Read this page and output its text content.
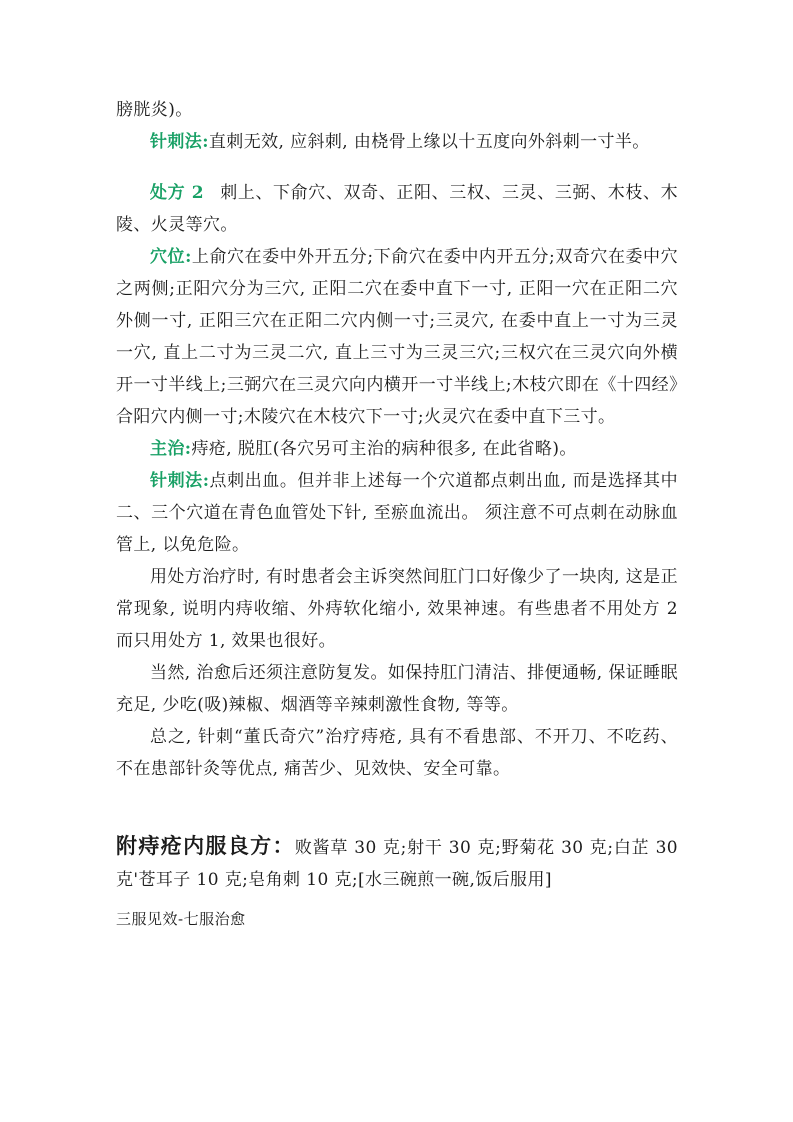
膀胱炎)。

针刺法:直刺无效, 应斜刺, 由桡骨上缘以十五度向外斜刺一寸半。

处方 2 刺上、下俞穴、双奇、正阳、三权、三灵、三弼、木枝、木陵、火灵等穴。

穴位:上俞穴在委中外开五分;下俞穴在委中内开五分;双奇穴在委中穴之两侧;正阳穴分为三穴, 正阳二穴在委中直下一寸, 正阳一穴在正阳二穴外侧一寸, 正阳三穴在正阳二穴内侧一寸;三灵穴, 在委中直上一寸为三灵一穴, 直上二寸为三灵二穴, 直上三寸为三灵三穴;三权穴在三灵穴向外横开一寸半线上;三弼穴在三灵穴向内横开一寸半线上;木枝穴即在《十四经》合阳穴内侧一寸;木陵穴在木枝穴下一寸;火灵穴在委中直下三寸。

主治:痔疮, 脱肛(各穴另可主治的病种很多, 在此省略)。

针刺法:点刺出血。但并非上述每一个穴道都点刺出血, 而是选择其中二、三个穴道在青色血管处下针, 至瘀血流出。 须注意不可点刺在动脉血管上, 以免危险。

用处方治疗时, 有时患者会主诉突然间肛门口好像少了一块肉, 这是正常现象, 说明内痔收缩、外痔软化缩小, 效果神速。有些患者不用处方 2 而只用处方 1, 效果也很好。

当然, 治愈后还须注意防复发。如保持肛门清洁、排便通畅, 保证睡眠充足, 少吃(吸)辣椒、烟酒等辛辣刺激性食物, 等等。

总之, 针刺“董氏奇穴”治疗痔疮, 具有不看患部、不开刀、不吃药、不在患部针灸等优点, 痛苦少、见效快、安全可靠。

附痔疮内服良方：败酱草 30 克;射干 30 克;野菊花 30 克;白芷 30 克'苍耳子 10 克;皂角刺 10 克;[水三碗煎一碗,饭后服用]

三服见效-七服治愈
